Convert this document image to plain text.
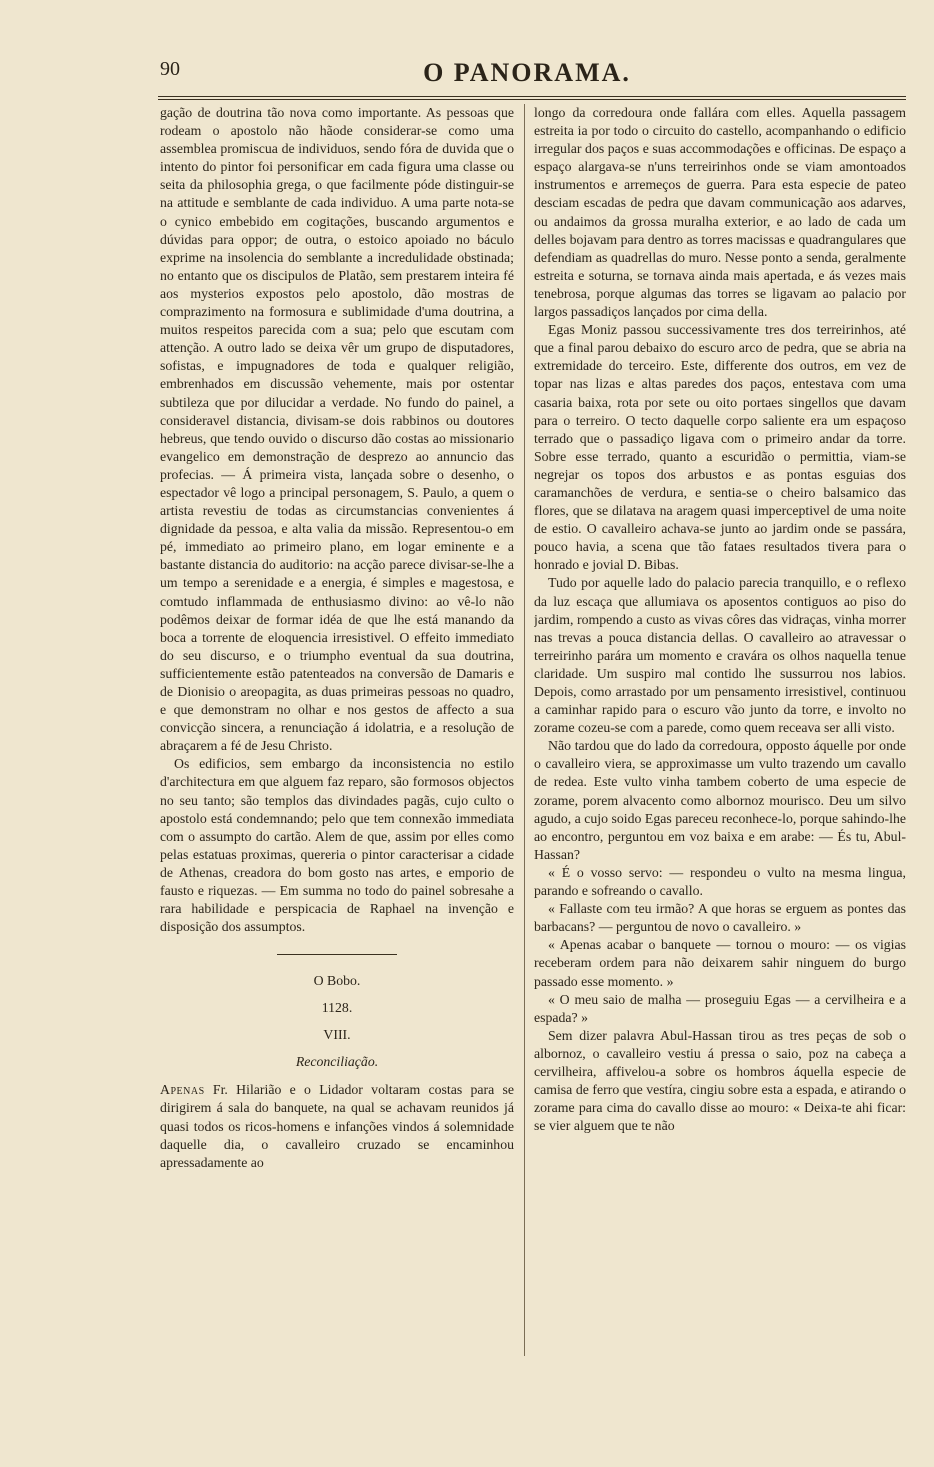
90	O PANORAMA.

gação de doutrina tão nova como importante. As pessoas que rodeam o apostolo não hãode considerar-se como uma assemblea promiscua de individuos, sendo fóra de duvida que o intento do pintor foi personificar em cada figura uma classe ou seita da philosophia grega, o que facilmente póde distinguir-se na attitude e semblante de cada individuo. A uma parte nota-se o cynico embebido em cogitações, buscando argumentos e dúvidas para oppor; de outra, o estoico apoiado no báculo exprime na insolencia do semblante a incredulidade obstinada; no entanto que os discipulos de Platão, sem prestarem inteira fé aos mysterios expostos pelo apostolo, dão mostras de comprazimento na formosura e sublimidade d'uma doutrina, a muitos respeitos parecida com a sua; pelo que escutam com attenção. A outro lado se deixa vêr um grupo de disputadores, sofistas, e impugnadores de toda e qualquer religião, embrenhados em discussão vehemente, mais por ostentar subtileza que por dilucidar a verdade. No fundo do painel, a consideravel distancia, divisam-se dois rabbinos ou doutores hebreus, que tendo ouvido o discurso dão costas ao missionario evangelico em demonstração de desprezo ao annuncio das profecias. — Á primeira vista, lançada sobre o desenho, o espectador vê logo a principal personagem, S. Paulo, a quem o artista revestiu de todas as circumstancias convenientes á dignidade da pessoa, e alta valia da missão. Representou-o em pé, immediato ao primeiro plano, em logar eminente e a bastante distancia do auditorio: na acção parece divisar-se-lhe a um tempo a serenidade e a energia, é simples e magestosa, e comtudo inflammada de enthusiasmo divino: ao vê-lo não podêmos deixar de formar idéa de que lhe está manando da boca a torrente de eloquencia irresistivel. O effeito immediato do seu discurso, e o triumpho eventual da sua doutrina, sufficientemente estão patenteados na conversão de Damaris e de Dionisio o areopagita, as duas primeiras pessoas no quadro, e que demonstram no olhar e nos gestos de affecto a sua convicção sincera, a renunciação á idolatria, e a resolução de abraçarem a fé de Jesu Christo.

Os edificios, sem embargo da inconsistencia no estilo d'architectura em que alguem faz reparo, são formosos objectos no seu tanto; são templos das divindades pagãs, cujo culto o apostolo está condemnando; pelo que tem connexão immediata com o assumpto do cartão. Alem de que, assim por elles como pelas estatuas proximas, quereria o pintor caracterisar a cidade de Athenas, creadora do bom gosto nas artes, e emporio de fausto e riquezas. — Em summa no todo do painel sobresahe a rara habilidade e perspicacia de Raphael na invenção e disposição dos assumptos.

O Bobo.

1128.

VIII.

Reconciliação.

Apenas Fr. Hilarião e o Lidador voltaram costas para se dirigirem á sala do banquete, na qual se achavam reunidos já quasi todos os ricos-homens e infanções vindos á solemnidade daquelle dia, o cavalleiro cruzado se encaminhou apressadamente ao

longo da corredoura onde fallára com elles. Aquella passagem estreita ia por todo o circuito do castello, acompanhando o edificio irregular dos paços e suas accommodações e officinas. De espaço a espaço alargava-se n'uns terreirinhos onde se viam amontoados instrumentos e arremeços de guerra. Para esta especie de pateo desciam escadas de pedra que davam communicação aos adarves, ou andaimos da grossa muralha exterior, e ao lado de cada um delles bojavam para dentro as torres macissas e quadrangulares que defendiam as quadrellas do muro. Nesse ponto a senda, geralmente estreita e soturna, se tornava ainda mais apertada, e ás vezes mais tenebrosa, porque algumas das torres se ligavam ao palacio por largos passadiços lançados por cima della.

Egas Moniz passou successivamente tres dos terreirinhos, até que a final parou debaixo do escuro arco de pedra, que se abria na extremidade do terceiro. Este, differente dos outros, em vez de topar nas lizas e altas paredes dos paços, entestava com uma casaria baixa, rota por sete ou oito portaes singellos que davam para o terreiro. O tecto daquelle corpo saliente era um espaçoso terrado que o passadiço ligava com o primeiro andar da torre. Sobre esse terrado, quanto a escuridão o permittia, viam-se negrejar os topos dos arbustos e as pontas esguias dos caramanchões de verdura, e sentia-se o cheiro balsamico das flores, que se dilatava na aragem quasi imperceptivel de uma noite de estio. O cavalleiro achava-se junto ao jardim onde se passára, pouco havia, a scena que tão fataes resultados tivera para o honrado e jovial D. Bibas.

Tudo por aquelle lado do palacio parecia tranquillo, e o reflexo da luz escaça que allumiava os aposentos contiguos ao piso do jardim, rompendo a custo as vivas côres das vidraças, vinha morrer nas trevas a pouca distancia dellas. O cavalleiro ao atravessar o terreirinho parára um momento e cravára os olhos naquella tenue claridade. Um suspiro mal contido lhe sussurrou nos labios. Depois, como arrastado por um pensamento irresistivel, continuou a caminhar rapido para o escuro vão junto da torre, e involto no zorame cozeu-se com a parede, como quem receava ser alli visto.

Não tardou que do lado da corredoura, opposto áquelle por onde o cavalleiro viera, se approximasse um vulto trazendo um cavallo de redea. Este vulto vinha tambem coberto de uma especie de zorame, porem alvacento como albornoz mourisco. Deu um silvo agudo, a cujo soido Egas pareceu reconhece-lo, porque sahindo-lhe ao encontro, perguntou em voz baixa e em arabe: — És tu, Abul-Hassan?

« É o vosso servo: — respondeu o vulto na mesma lingua, parando e sofreando o cavallo.

« Fallaste com teu irmão? A que horas se erguem as pontes das barbacans? — perguntou de novo o cavalleiro. »

« Apenas acabar o banquete — tornou o mouro: — os vigias receberam ordem para não deixarem sahir ninguem do burgo passado esse momento. »

« O meu saio de malha — proseguiu Egas — a cervilheira e a espada? »

Sem dizer palavra Abul-Hassan tirou as tres peças de sob o albornoz, o cavalleiro vestiu á pressa o saio, poz na cabeça a cervilheira, affivelou-a sobre os hombros áquella especie de camisa de ferro que vestíra, cingiu sobre esta a espada, e atirando o zorame para cima do cavallo disse ao mouro: « Deixa-te ahi ficar: se vier alguem que te não
